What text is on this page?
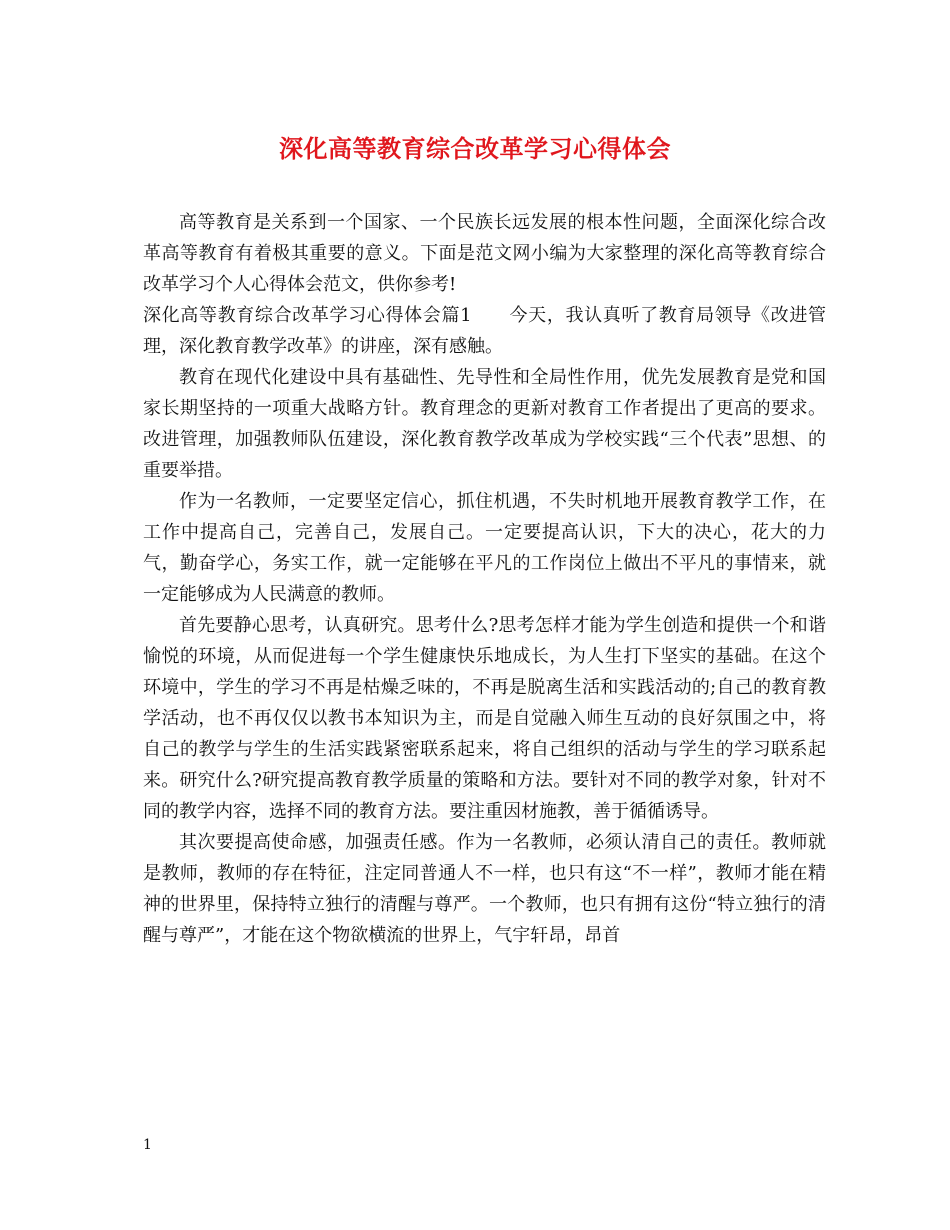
深化高等教育综合改革学习心得体会

高等教育是关系到一个国家、一个民族长远发展的根本性问题，全面深化综合改革高等教育有着极其重要的意义。下面是范文网小编为大家整理的深化高等教育综合改革学习个人心得体会范文，供你参考!

深化高等教育综合改革学习心得体会篇1　　今天，我认真听了教育局领导《改进管理，深化教育教学改革》的讲座，深有感触。

教育在现代化建设中具有基础性、先导性和全局性作用，优先发展教育是党和国家长期坚持的一项重大战略方针。教育理念的更新对教育工作者提出了更高的要求。改进管理，加强教师队伍建设，深化教育教学改革成为学校实践“三个代表”思想、的重要举措。

作为一名教师，一定要坚定信心，抓住机遇，不失时机地开展教育教学工作，在工作中提高自己，完善自己，发展自己。一定要提高认识，下大的决心，花大的力气，勤奋学心，务实工作，就一定能够在平凡的工作岗位上做出不平凡的事情来，就一定能够成为人民满意的教师。

首先要静心思考，认真研究。思考什么?思考怎样才能为学生创造和提供一个和谐愉悦的环境，从而促进每一个学生健康快乐地成长，为人生打下坚实的基础。在这个环境中，学生的学习不再是枯燥乏味的，不再是脱离生活和实践活动的;自己的教育教学活动，也不再仅仅以教书本知识为主，而是自觉融入师生互动的良好氛围之中，将自己的教学与学生的生活实践紧密联系起来，将自己组织的活动与学生的学习联系起来。研究什么?研究提高教育教学质量的策略和方法。要针对不同的教学对象，针对不同的教学内容，选择不同的教育方法。要注重因材施教，善于循循诱导。

其次要提高使命感，加强责任感。作为一名教师，必须认清自己的责任。教师就是教师，教师的存在特征，注定同普通人不一样，也只有这“不一样”，教师才能在精神的世界里，保持特立独行的清醒与尊严。一个教师，也只有拥有这份“特立独行的清醒与尊严”，才能在这个物欲横流的世界上，气宇轩昂，昂首

1
